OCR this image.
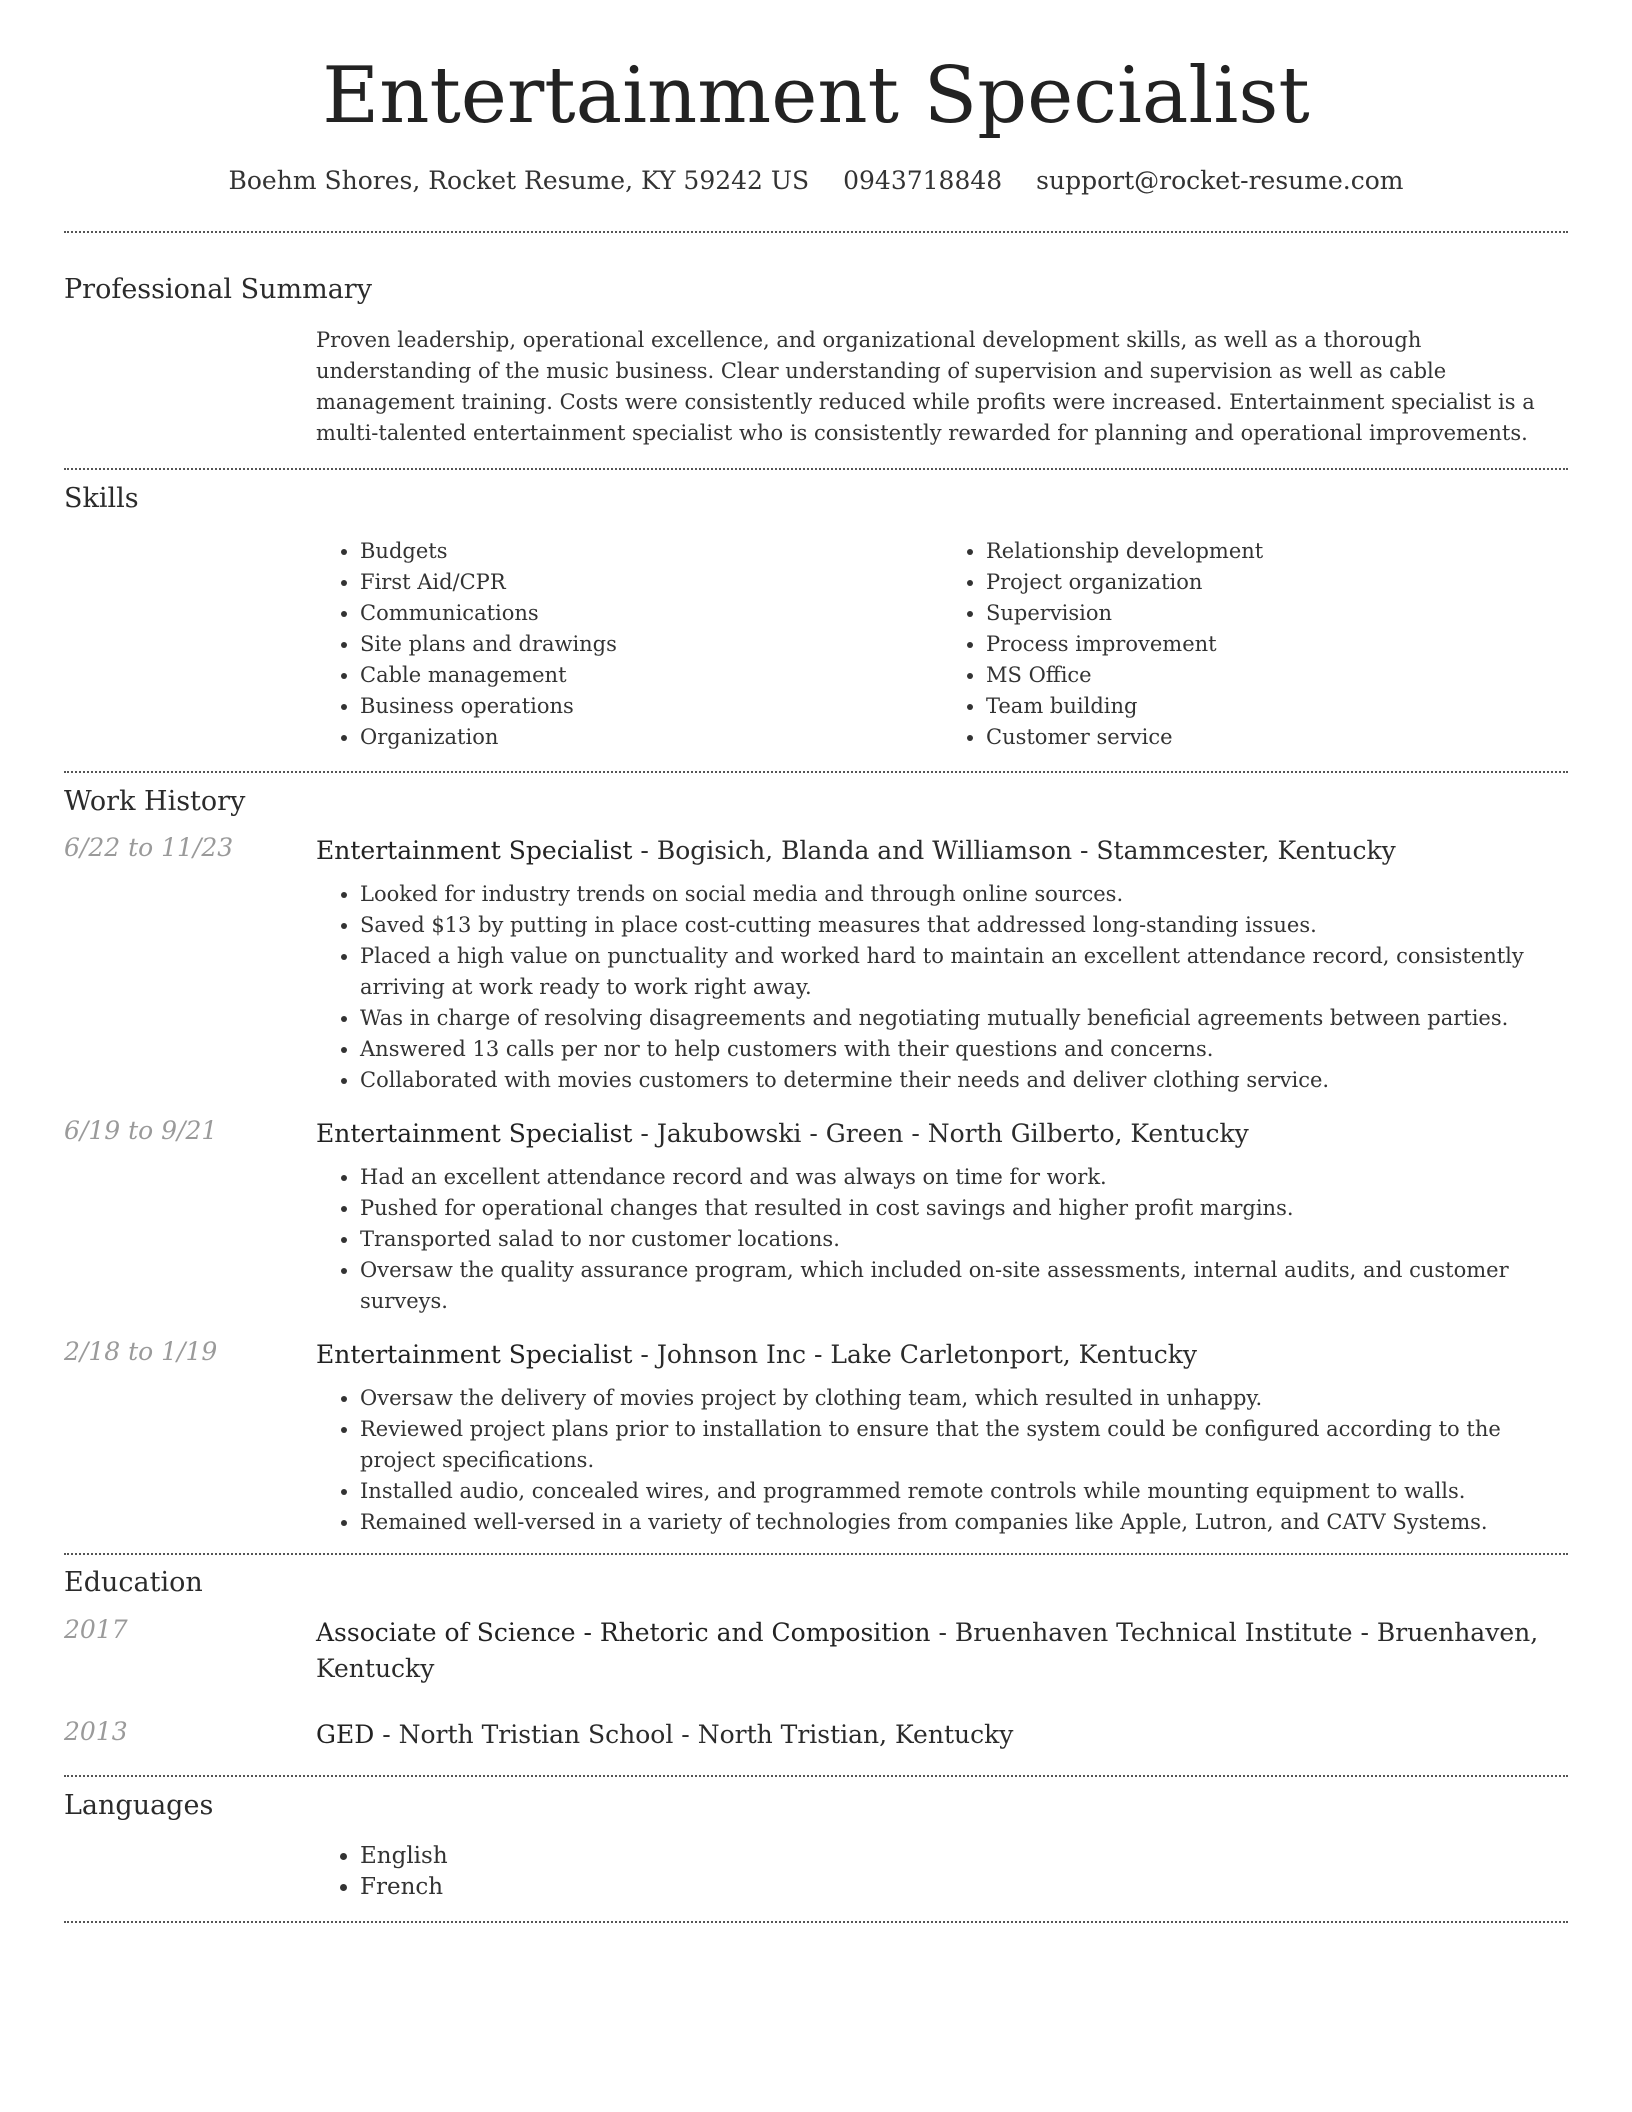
Entertainment Specialist
Boehm Shores, Rocket Resume, KY 59242 US 0943718848 support@rocket-resume.com
Professional Summary

Proven leadership, operational excellence, and organizational development skills, as well as a thorough understanding of the music business. Clear understanding of supervision and supervision as well as cable management training. Costs were consistently reduced while profits were increased. Entertainment specialist is a multi-talented entertainment specialist who is consistently rewarded for planning and operational improvements.

Skills
• Budgets
• First Aid/CPR
• Communications
• Site plans and drawings
• Cable management
• Business operations
• Organization
• Relationship development
• Project organization
• Supervision
• Process improvement
• MS Office
• Team building
• Customer service
Work History
6/22 to 11/23	Entertainment Specialist - Bogisich, Blanda and Williamson - Stammcester, Kentucky
• Looked for industry trends on social media and through online sources.
• Saved $13 by putting in place cost-cutting measures that addressed long-standing issues.
• Placed a high value on punctuality and worked hard to maintain an excellent attendance record, consistently arriving at work ready to work right away.
• Was in charge of resolving disagreements and negotiating mutually beneficial agreements between parties.
• Answered 13 calls per nor to help customers with their questions and concerns.
• Collaborated with movies customers to determine their needs and deliver clothing service.
6/19 to 9/21	Entertainment Specialist - Jakubowski - Green - North Gilberto, Kentucky
• Had an excellent attendance record and was always on time for work.
• Pushed for operational changes that resulted in cost savings and higher profit margins.
• Transported salad to nor customer locations.
• Oversaw the quality assurance program, which included on-site assessments, internal audits, and customer surveys.
2/18 to 1/19	Entertainment Specialist - Johnson Inc - Lake Carletonport, Kentucky
• Oversaw the delivery of movies project by clothing team, which resulted in unhappy.
• Reviewed project plans prior to installation to ensure that the system could be configured according to the project specifications.
• Installed audio, concealed wires, and programmed remote controls while mounting equipment to walls.
• Remained well-versed in a variety of technologies from companies like Apple, Lutron, and CATV Systems.
Education
2017	Associate of Science - Rhetoric and Composition - Bruenhaven Technical Institute - Bruenhaven, Kentucky
2013	GED - North Tristian School - North Tristian, Kentucky
Languages
• English
• French
